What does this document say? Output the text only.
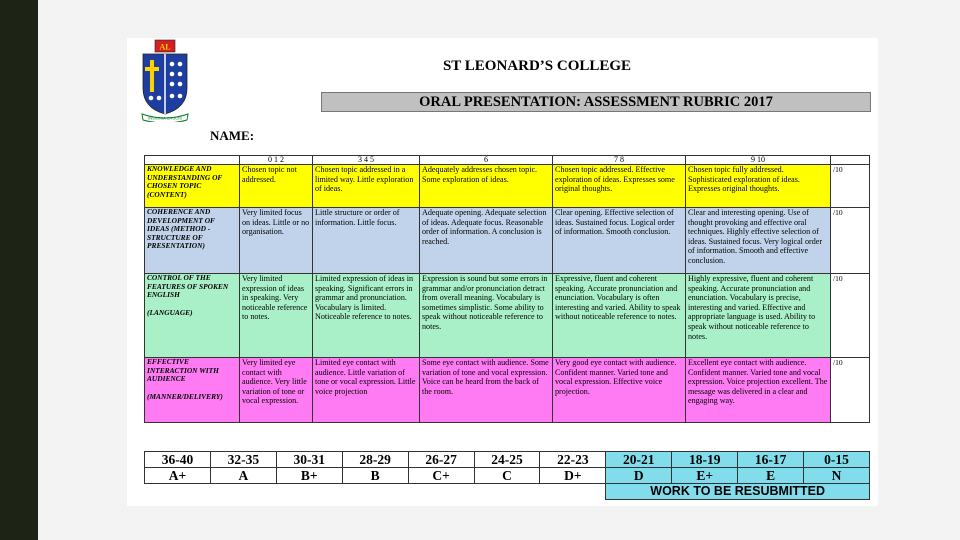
AL
INSIGNIA CRUCIS
ST LEONARD’S COLLEGE
ORAL PRESENTATION: ASSESSMENT RUBRIC 2017
NAME:
	0 1 2	3 4 5	6	7 8	9 10	
KNOWLEDGE AND UNDERSTANDING OF CHOSEN TOPIC (CONTENT)	Chosen topic not addressed.	Chosen topic addressed in a limited way. Little exploration of ideas.	Adequately addresses chosen topic. Some exploration of ideas.	Chosen topic addressed. Effective exploration of ideas. Expresses some original thoughts.	Chosen topic fully addressed. Sophisticated exploration of ideas. Expresses original thoughts.	/10
COHERENCE AND DEVELOPMENT OF IDEAS (METHOD - STRUCTURE OF PRESENTATION)	Very limited focus on ideas. Little or no organisation.	Little structure or order of information. Little focus.	Adequate opening. Adequate selection of ideas. Adequate focus. Reasonable order of information. A conclusion is reached.	Clear opening. Effective selection of ideas. Sustained focus. Logical order of information. Smooth conclusion.	Clear and interesting opening. Use of thought provoking and effective oral techniques. Highly effective selection of ideas. Sustained focus. Very logical order of information. Smooth and effective conclusion.	/10

CONTROL OF THE FEATURES OF SPOKEN ENGLISH
(LANGUAGE)	Very limited expression of ideas in speaking. Very noticeable reference to notes.	Limited expression of ideas in speaking. Significant errors in grammar and pronunciation. Vocabulary is limited. Noticeable reference to notes.	Expression is sound but some errors in grammar and/or pronunciation detract from overall meaning. Vocabulary is sometimes simplistic. Some ability to speak without noticeable reference to notes.	Expressive, fluent and coherent speaking. Accurate pronunciation and enunciation. Vocabulary is often interesting and varied. Ability to speak without noticeable reference to notes.	Highly expressive, fluent and coherent speaking. Accurate pronunciation and enunciation. Vocabulary is precise, interesting and varied. Effective and appropriate language is used. Ability to speak without noticeable reference to notes.	/10

EFFECTIVE INTERACTION WITH AUDIENCE
(MANNER/DELIVERY)	Very limited eye contact with audience. Very little variation of tone or vocal expression.	Limited eye contact with audience. Little variation of tone or vocal expression. Little voice projection	Some eye contact with audience. Some variation of tone and vocal expression. Voice can be heard from the back of the room.	Very good eye contact with audience. Confident manner. Varied tone and vocal expression. Effective voice projection.	Excellent eye contact with audience. Confident manner. Varied tone and vocal expression. Voice projection excellent. The message was delivered in a clear and engaging way.	/10
36-40	32-35	30-31	28-29	26-27	24-25	22-23	20-21	18-19	16-17	0-15
A+	A	B+	B	C+	C	D+	D	E+	E	N
							WORK TO BE RESUBMITTED			
